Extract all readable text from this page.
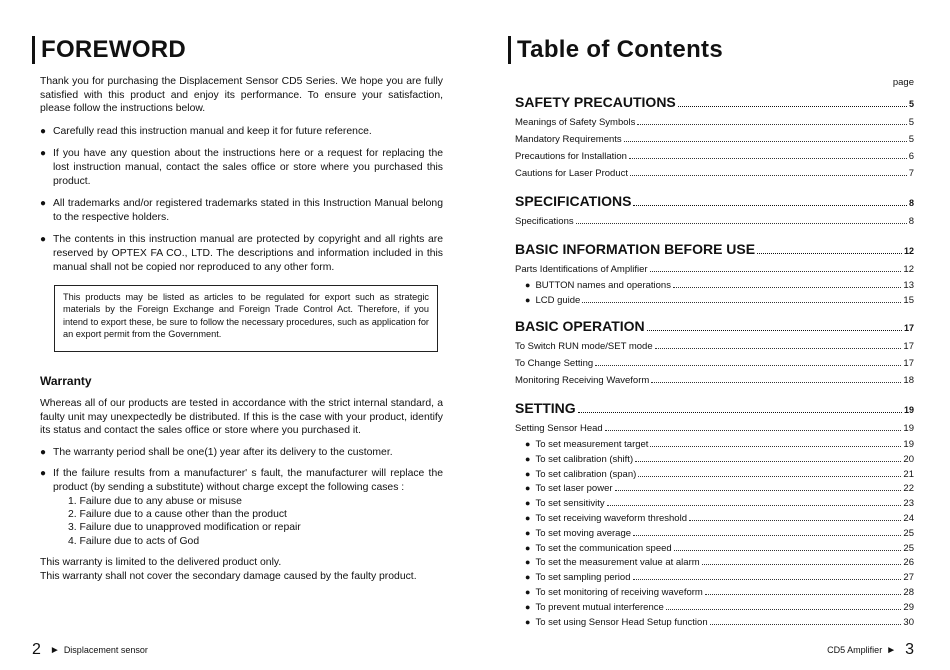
FOREWORD

Thank you for purchasing the Displacement Sensor CD5 Series. We hope you are fully satisfied with this product and enjoy its performance. To ensure your satisfaction, please follow the instructions below.

● Carefully read this instruction manual and keep it for future reference.
● If you have any question about the instructions here or a request for replacing the lost instruction manual, contact the sales office or store where you purchased this product.
● All trademarks and/or registered trademarks stated in this Instruction Manual belong to the respective holders.
● The contents in this instruction manual are protected by copyright and all rights are reserved by OPTEX FA CO., LTD. The descriptions and information included in this manual shall not be copied nor reproduced to any other form.
This products may be listed as articles to be regulated for export such as strategic materials by the Foreign Exchange and Foreign Trade Control Act. Therefore, if you intend to export these, be sure to follow the necessary procedures, such as application for an export permit from the Government.
Warranty

Whereas all of our products are tested in accordance with the strict internal standard, a faulty unit may unexpectedly be distributed. If this is the case with your product, identify its status and contact the sales office or store where you purchased it.

● The warranty period shall be one(1) year after its delivery to the customer.
● If the failure results from a manufacturer' s fault, the manufacturer will replace the product (by sending a substitute) without charge except the following cases :
1. Failure due to any abuse or misuse
2. Failure due to a cause other than the product
3. Failure due to unapproved modification or repair
4. Failure due to acts of God

This warranty is limited to the delivered product only.

This warranty shall not cover the secondary damage caused by the faulty product.

2 ► Displacement sensor
Table of Contents
page
SAFETY PRECAUTIONS	5
Meanings of Safety Symbols	5
Mandatory Requirements	5
Precautions for Installation	6
Cautions for Laser Product	7
SPECIFICATIONS	8
Specifications	8
BASIC INFORMATION BEFORE USE	12
Parts Identifications of Amplifier	12
● BUTTON names and operations	13
● LCD guide	15
BASIC OPERATION	17
To Switch RUN mode/SET mode	17
To Change Setting	17
Monitoring Receiving Waveform	18
SETTING	19
Setting Sensor Head	19
● To set measurement target	19
● To set calibration (shift)	20
● To set calibration (span)	21
● To set laser power	22
● To set sensitivity	23
● To set receiving waveform threshold	24
● To set moving average	25
● To set the communication speed	25
● To set the measurement value at alarm	26
● To set sampling period	27
● To set monitoring of receiving waveform	28
● To prevent mutual interference	29
● To set using Sensor Head Setup function	30
CD5 Amplifier ► 3
